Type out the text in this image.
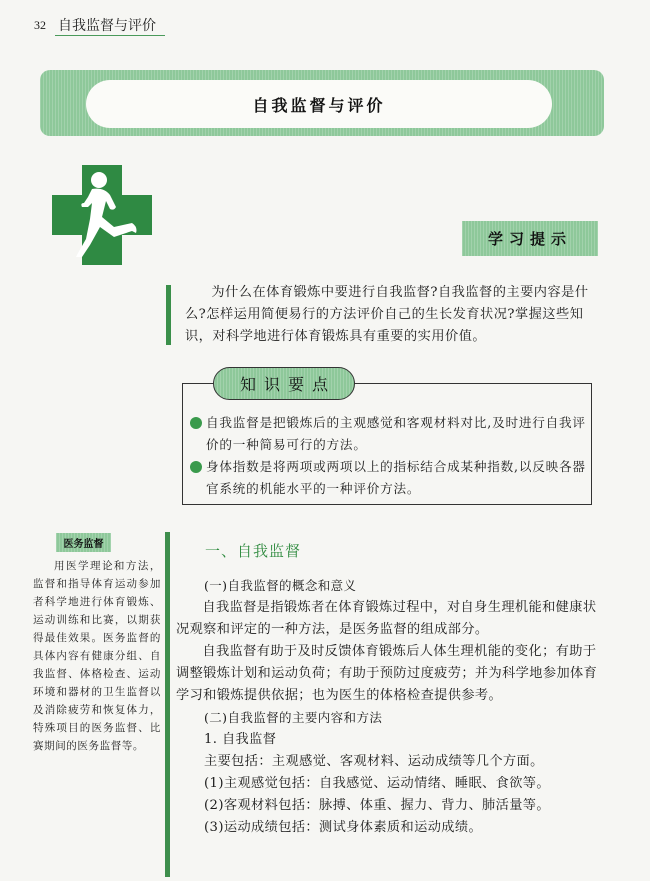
32 自我监督与评价
自我监督与评价
学习提示
为什么在体育锻炼中要进行自我监督?自我监督的主要内容是什么?怎样运用简便易行的方法评价自己的生长发育状况?掌握这些知识，对科学地进行体育锻炼具有重要的实用价值。
知识要点
自我监督是把锻炼后的主观感觉和客观材料对比,及时进行自我评价的一种简易可行的方法。
身体指数是将两项或两项以上的指标结合成某种指数,以反映各器官系统的机能水平的一种评价方法。
医务监督
用医学理论和方法，监督和指导体育运动参加者科学地进行体育锻炼、运动训练和比赛，以期获得最佳效果。医务监督的具体内容有健康分组、自我监督、体格检查、运动环境和器材的卫生监督以及消除疲劳和恢复体力，特殊项目的医务监督、比赛期间的医务监督等。
一、自我监督

(一)自我监督的概念和意义

自我监督是指锻炼者在体育锻炼过程中，对自身生理机能和健康状况观察和评定的一种方法，是医务监督的组成部分。

自我监督有助于及时反馈体育锻炼后人体生理机能的变化；有助于调整锻炼计划和运动负荷；有助于预防过度疲劳；并为科学地参加体育学习和锻炼提供依据；也为医生的体格检查提供参考。

(二)自我监督的主要内容和方法

1. 自我监督

主要包括：主观感觉、客观材料、运动成绩等几个方面。

(1)主观感觉包括：自我感觉、运动情绪、睡眠、食欲等。

(2)客观材料包括：脉搏、体重、握力、背力、肺活量等。

(3)运动成绩包括：测试身体素质和运动成绩。
